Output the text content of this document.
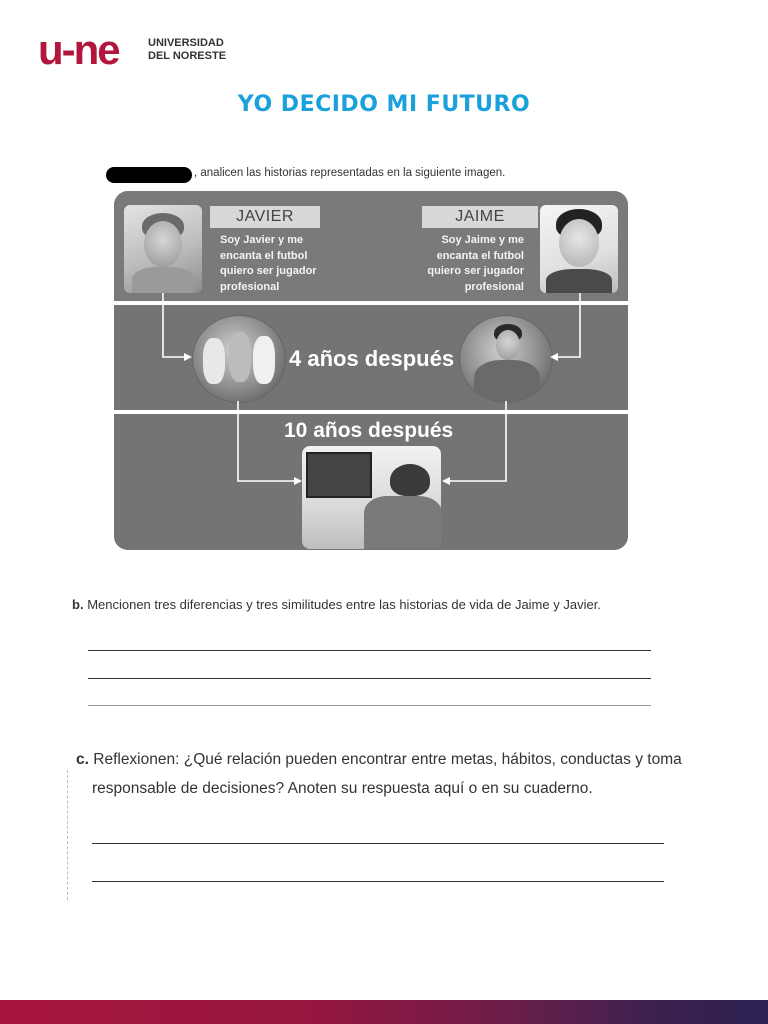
u-ne	UNIVERSIDAD
DEL NORESTE
YO DECIDO MI FUTURO
, analicen las historias representadas en la siguiente imagen.
JAVIER
Soy Javier y me
encanta el futbol
quiero ser jugador
profesional
JAIME
Soy Jaime y me
encanta el futbol
quiero ser jugador
profesional
4 años después
10 años después
b. Mencionen tres diferencias y tres similitudes entre las historias de vida de Jaime y Javier.
c. Reflexionen: ¿Qué relación pueden encontrar entre metas, hábitos, conductas y toma
responsable de decisiones? Anoten su respuesta aquí o en su cuaderno.
